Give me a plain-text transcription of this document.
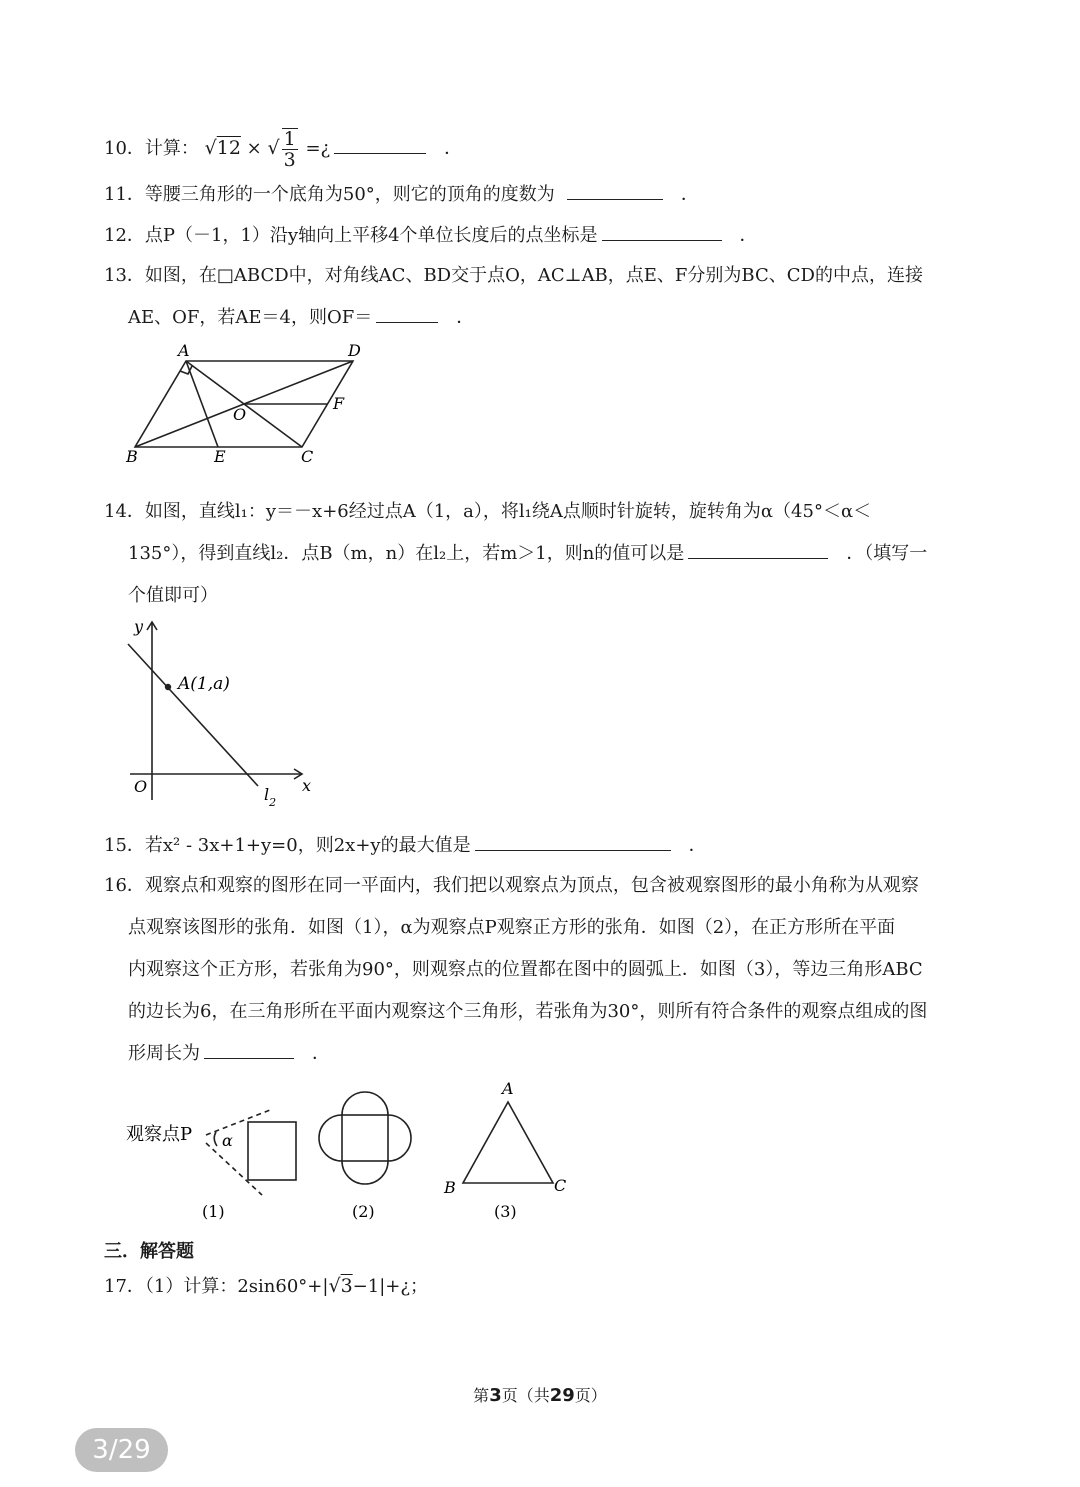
10．计算： √12 × √ $\frac{1}{3}$ =¿	．
11．等腰三角形的一个底角为50°，则它的顶角的度数为	．
12．点P（－1，1）沿y轴向上平移4个单位长度后的点坐标是	．
13．如图，在□ABCD中，对角线AC、BD交于点O，AC⊥AB，点E、F分别为BC、CD的中点，连接
AE、OF，若AE＝4，则OF＝	．
A	D
B	E	C
F
O
14．如图，直线l₁：y＝－x+6经过点A（1，a），将l₁绕A点顺时针旋转，旋转角为α（45°＜α＜
135°），得到直线l₂．点B（m，n）在l₂上，若m＞1，则n的值可以是	．（填写一
个值即可）
y
x
O
A(1,a)
$l_2$
15．若x² - 3x+1+y=0，则2x+y的最大值是	．
16．观察点和观察的图形在同一平面内，我们把以观察点为顶点，包含被观察图形的最小角称为从观察
点观察该图形的张角．如图（1），α为观察点P观察正方形的张角．如图（2），在正方形所在平面
内观察这个正方形，若张角为90°，则观察点的位置都在图中的圆弧上．如图（3），等边三角形ABC
的边长为6，在三角形所在平面内观察这个三角形，若张角为30°，则所有符合条件的观察点组成的图
形周长为	．
观察点P α
(1)	(2)
A
B	C
(3)
三．解答题
17．（1）计算：2sin60°+|√3−1|+¿；
第3页（共29页）
3/29
